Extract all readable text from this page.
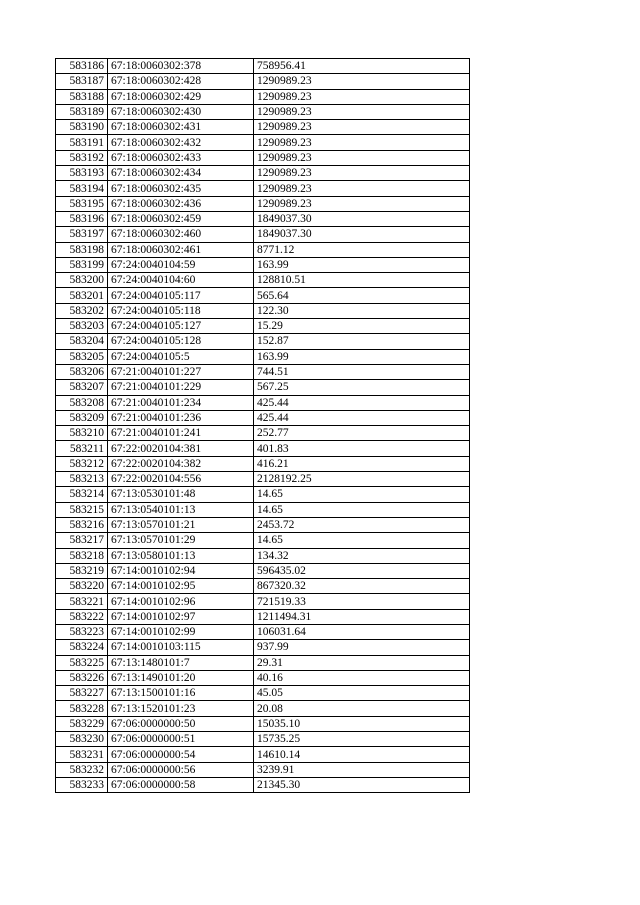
583186	67:18:0060302:378	758956.41
583187	67:18:0060302:428	1290989.23
583188	67:18:0060302:429	1290989.23
583189	67:18:0060302:430	1290989.23
583190	67:18:0060302:431	1290989.23
583191	67:18:0060302:432	1290989.23
583192	67:18:0060302:433	1290989.23
583193	67:18:0060302:434	1290989.23
583194	67:18:0060302:435	1290989.23
583195	67:18:0060302:436	1290989.23
583196	67:18:0060302:459	1849037.30
583197	67:18:0060302:460	1849037.30
583198	67:18:0060302:461	8771.12
583199	67:24:0040104:59	163.99
583200	67:24:0040104:60	128810.51
583201	67:24:0040105:117	565.64
583202	67:24:0040105:118	122.30
583203	67:24:0040105:127	15.29
583204	67:24:0040105:128	152.87
583205	67:24:0040105:5	163.99
583206	67:21:0040101:227	744.51
583207	67:21:0040101:229	567.25
583208	67:21:0040101:234	425.44
583209	67:21:0040101:236	425.44
583210	67:21:0040101:241	252.77
583211	67:22:0020104:381	401.83
583212	67:22:0020104:382	416.21
583213	67:22:0020104:556	2128192.25
583214	67:13:0530101:48	14.65
583215	67:13:0540101:13	14.65
583216	67:13:0570101:21	2453.72
583217	67:13:0570101:29	14.65
583218	67:13:0580101:13	134.32
583219	67:14:0010102:94	596435.02
583220	67:14:0010102:95	867320.32
583221	67:14:0010102:96	721519.33
583222	67:14:0010102:97	1211494.31
583223	67:14:0010102:99	106031.64
583224	67:14:0010103:115	937.99
583225	67:13:1480101:7	29.31
583226	67:13:1490101:20	40.16
583227	67:13:1500101:16	45.05
583228	67:13:1520101:23	20.08
583229	67:06:0000000:50	15035.10
583230	67:06:0000000:51	15735.25
583231	67:06:0000000:54	14610.14
583232	67:06:0000000:56	3239.91
583233	67:06:0000000:58	21345.30
